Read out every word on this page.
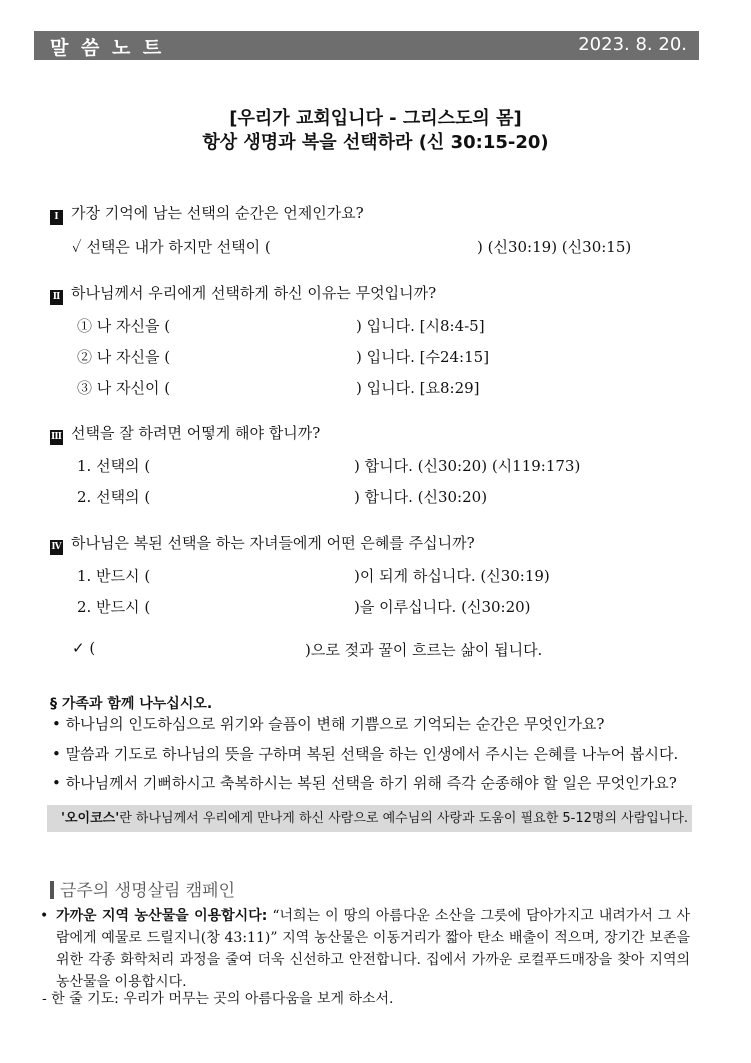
말 씀 노 트	2023. 8. 20.
[우리가 교회입니다 - 그리스도의 몸]
항상 생명과 복을 선택하라 (신 30:15-20)
Ⅰ 가장 기억에 남는 선택의 순간은 언제인가요?
✓ 선택은 내가 하지만 선택이 (	) (신30:19) (신30:15)
Ⅱ 하나님께서 우리에게 선택하게 하신 이유는 무엇입니까?
① 나 자신을 (	) 입니다. [시8:4-5]
② 나 자신을 (	) 입니다. [수24:15]
③ 나 자신이 (	) 입니다. [요8:29]
Ⅲ 선택을 잘 하려면 어떻게 해야 합니까?
1. 선택의 (	) 합니다. (신30:20) (시119:173)
2. 선택의 (	) 합니다. (신30:20)
Ⅳ 하나님은 복된 선택을 하는 자녀들에게 어떤 은혜를 주십니까?
1. 반드시 (	)이 되게 하십니다. (신30:19)
2. 반드시 (	)을 이루십니다. (신30:20)
✓ (	)으로 젖과 꿀이 흐르는 삶이 됩니다.
§ 가족과 함께 나누십시오.
• 하나님의 인도하심으로 위기와 슬픔이 변해 기쁨으로 기억되는 순간은 무엇인가요?
• 말씀과 기도로 하나님의 뜻을 구하며 복된 선택을 하는 인생에서 주시는 은혜를 나누어 봅시다.
• 하나님께서 기뻐하시고 축복하시는 복된 선택을 하기 위해 즉각 순종해야 할 일은 무엇인가요?
'오이코스'란 하나님께서 우리에게 만나게 하신 사람으로 예수님의 사랑과 도움이 필요한 5-12명의 사람입니다.
금주의 생명살림 캠페인
• 가까운 지역 농산물을 이용합시다: “너희는 이 땅의 아름다운 소산을 그릇에 담아가지고 내려가서 그 사람에게 예물로 드릴지니(창 43:11)” 지역 농산물은 이동거리가 짧아 탄소 배출이 적으며, 장기간 보존을 위한 각종 화학처리 과정을 줄여 더욱 신선하고 안전합니다. 집에서 가까운 로컬푸드매장을 찾아 지역의 농산물을 이용합시다.
- 한 줄 기도: 우리가 머무는 곳의 아름다움을 보게 하소서.
